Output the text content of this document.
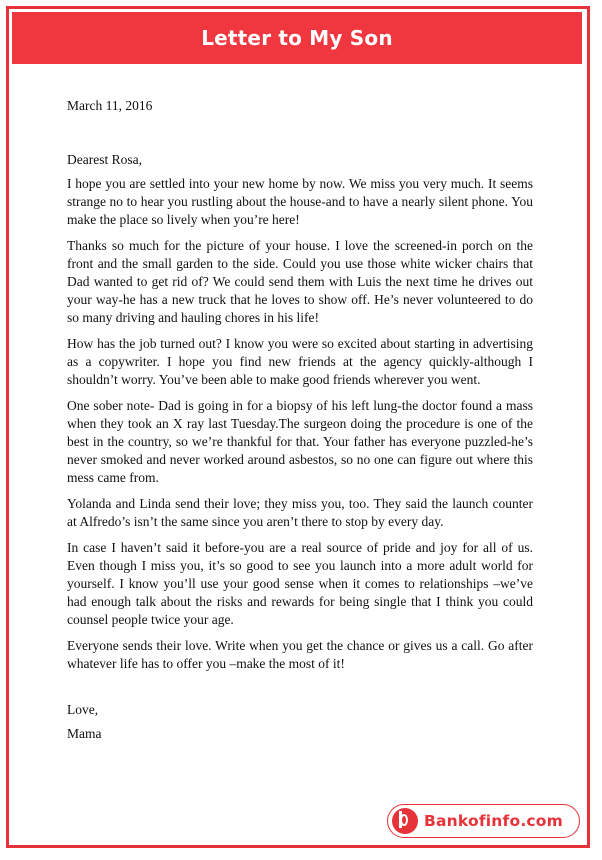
Letter to My Son

March 11, 2016

Dearest Rosa,

I hope you are settled into your new home by now. We miss you very much. It seems strange no to hear you rustling about the house-and to have a nearly silent phone. You make the place so lively when you’re here!

Thanks so much for the picture of your house. I love the screened-in porch on the front and the small garden to the side. Could you use those white wicker chairs that Dad wanted to get rid of? We could send them with Luis the next time he drives out your way-he has a new truck that he loves to show off. He’s never volunteered to do so many driving and hauling chores in his life!

How has the job turned out? I know you were so excited about starting in advertising as a copywriter. I hope you find new friends at the agency quickly-although I shouldn’t worry. You’ve been able to make good friends wherever you went.

One sober note- Dad is going in for a biopsy of his left lung-the doctor found a mass when they took an X ray last Tuesday.The surgeon doing the procedure is one of the best in the country, so we’re thankful for that. Your father has everyone puzzled-he’s never smoked and never worked around asbestos, so no one can figure out where this mess came from.

Yolanda and Linda send their love; they miss you, too. They said the launch counter at Alfredo’s isn’t the same since you aren’t there to stop by every day.

In case I haven’t said it before-you are a real source of pride and joy for all of us. Even though I miss you, it’s so good to see you launch into a more adult world for yourself. I know you’ll use your good sense when it comes to relationships –we’ve had enough talk about the risks and rewards for being single that I think you could counsel people twice your age.

Everyone sends their love. Write when you get the chance or gives us a call. Go after whatever life has to offer you –make the most of it!

Love,

Mama

Bankofinfo.com
